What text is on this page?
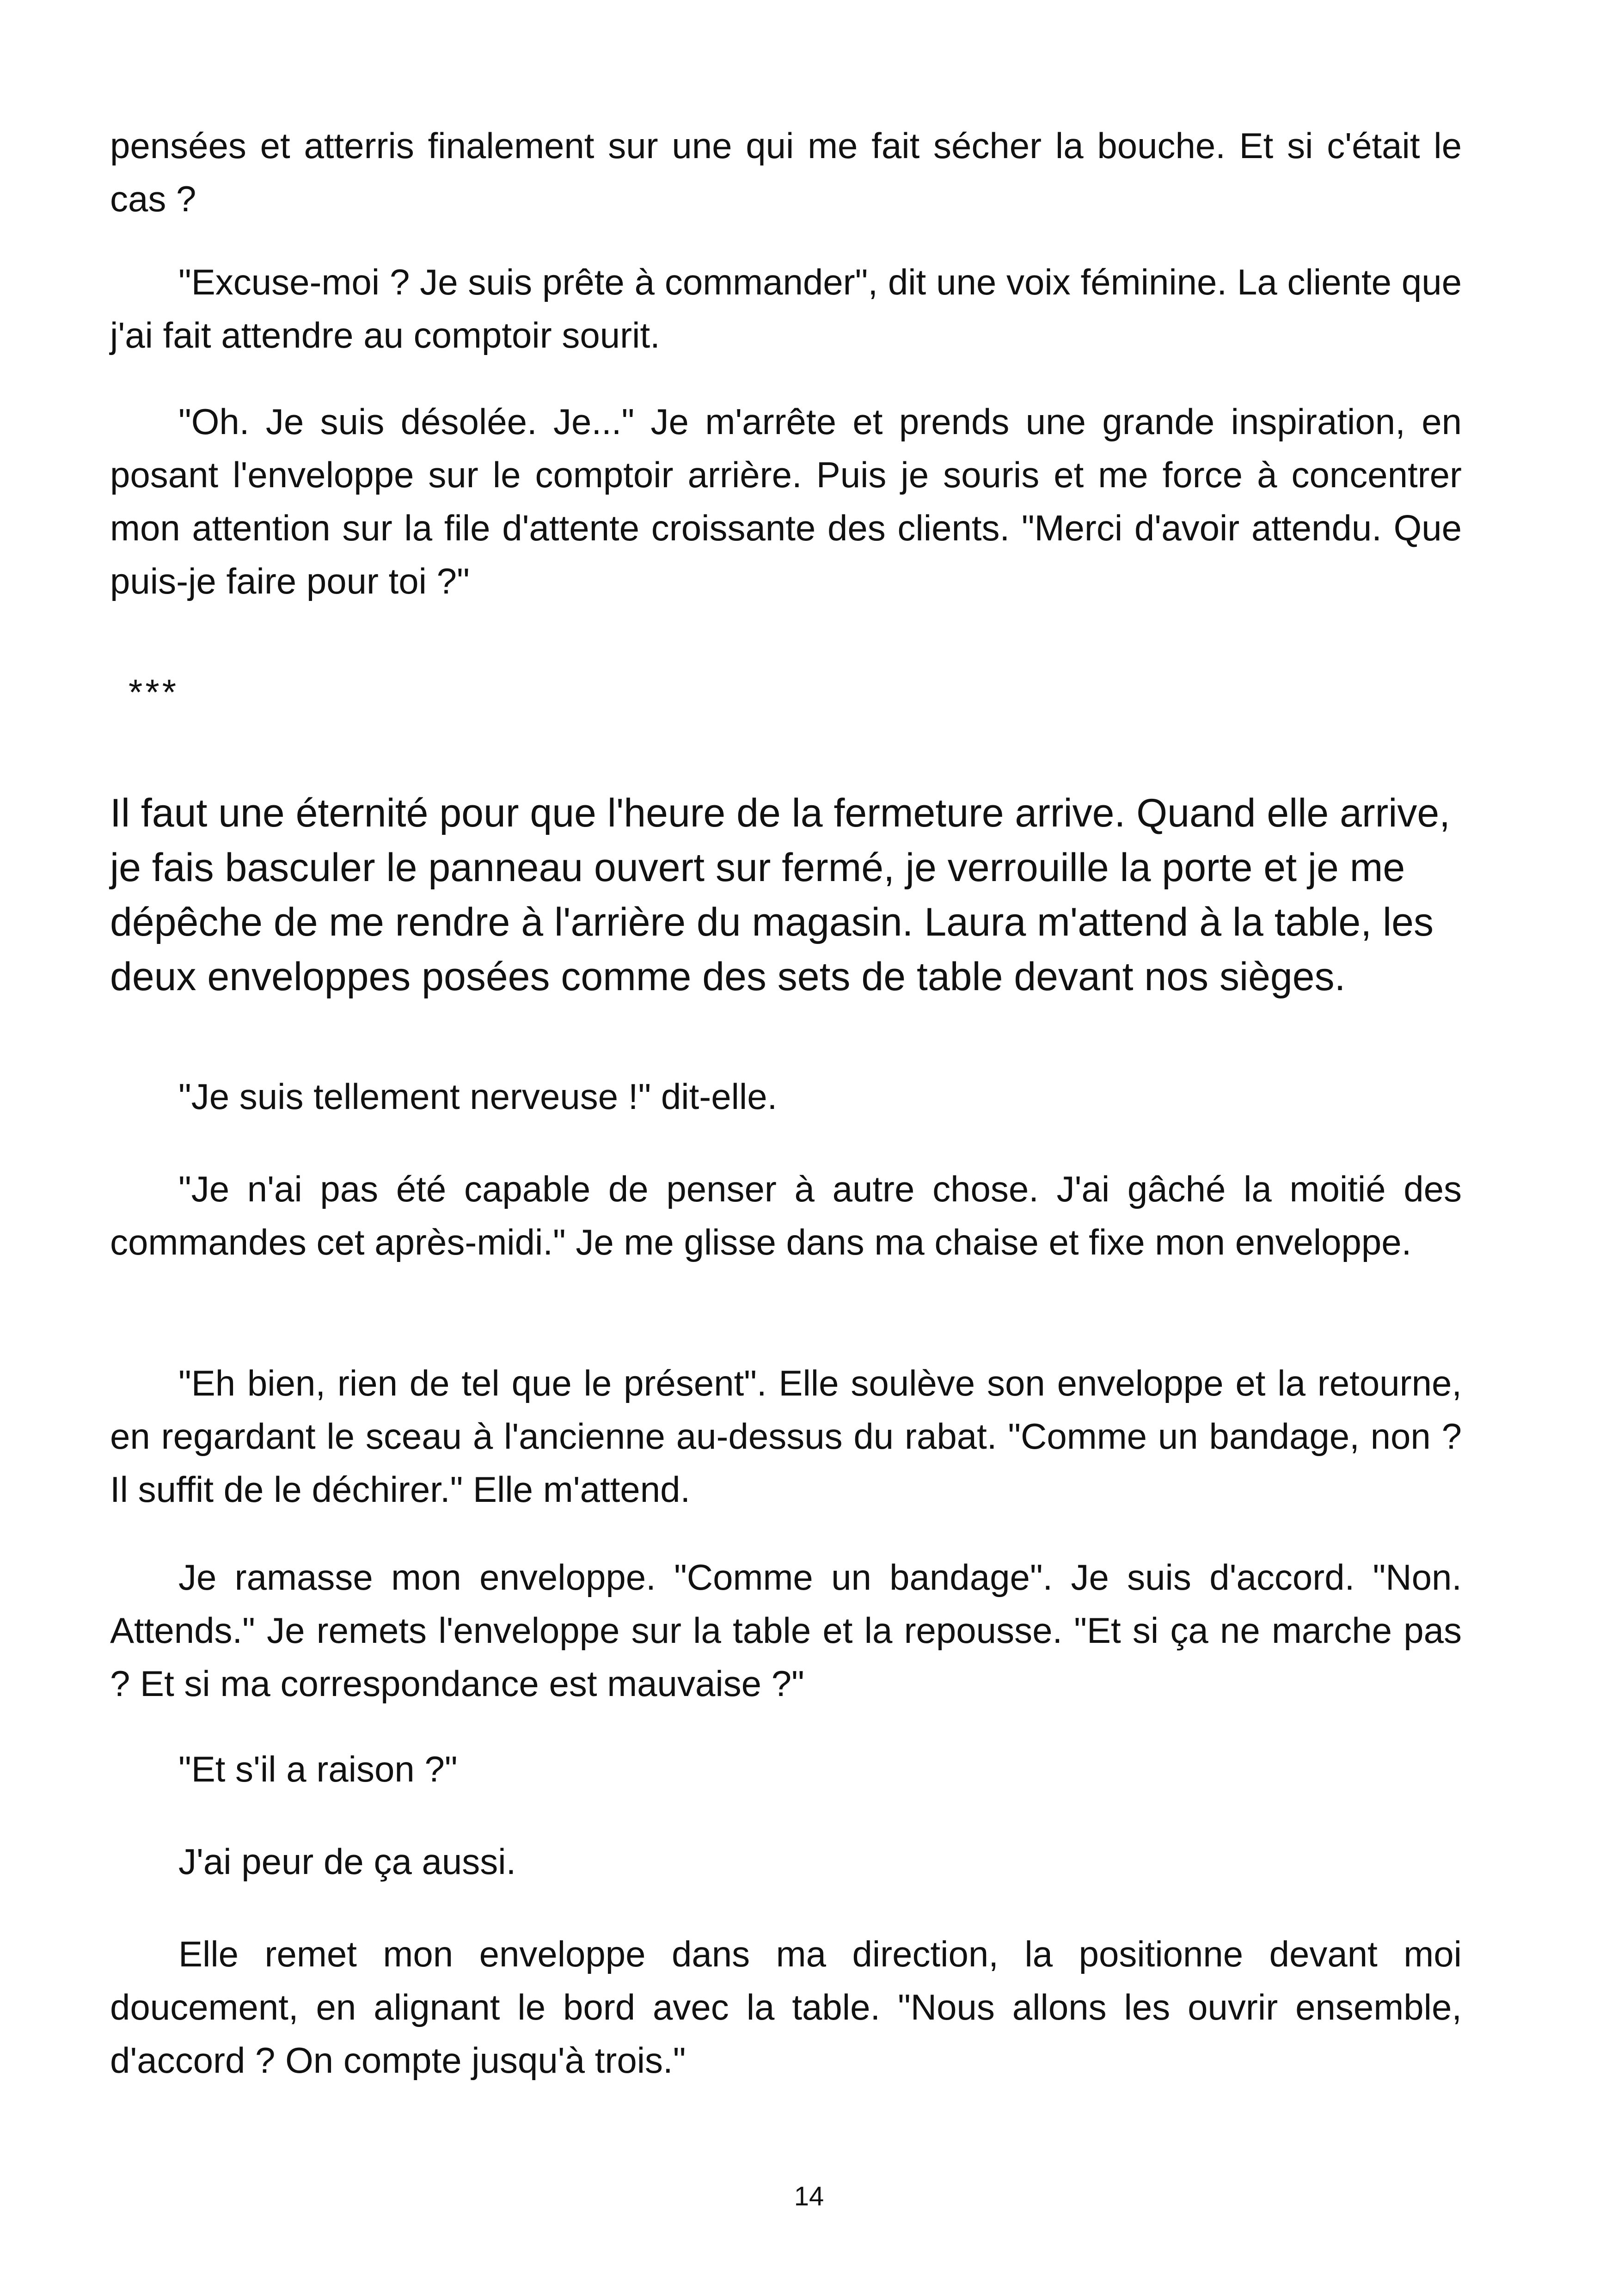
pensées et atterris finalement sur une qui me fait sécher la bouche. Et si c'était le cas ?

"Excuse-moi ? Je suis prête à commander", dit une voix féminine. La cliente que j'ai fait attendre au comptoir sourit.

"Oh. Je suis désolée. Je..." Je m'arrête et prends une grande inspiration, en posant l'enveloppe sur le comptoir arrière. Puis je souris et me force à concentrer mon attention sur la file d'attente croissante des clients. "Merci d'avoir attendu. Que puis-je faire pour toi ?"

***

Il faut une éternité pour que l'heure de la fermeture arrive. Quand elle arrive, je fais basculer le panneau ouvert sur fermé, je verrouille la porte et je me dépêche de me rendre à l'arrière du magasin. Laura m'attend à la table, les deux enveloppes posées comme des sets de table devant nos sièges.

"Je suis tellement nerveuse !" dit-elle.

"Je n'ai pas été capable de penser à autre chose. J'ai gâché la moitié des commandes cet après-midi." Je me glisse dans ma chaise et fixe mon enveloppe.

"Eh bien, rien de tel que le présent". Elle soulève son enveloppe et la retourne, en regardant le sceau à l'ancienne au-dessus du rabat. "Comme un bandage, non ? Il suffit de le déchirer." Elle m'attend.

Je ramasse mon enveloppe. "Comme un bandage". Je suis d'accord. "Non. Attends." Je remets l'enveloppe sur la table et la repousse. "Et si ça ne marche pas ? Et si ma correspondance est mauvaise ?"

"Et s'il a raison ?"

J'ai peur de ça aussi.

Elle remet mon enveloppe dans ma direction, la positionne devant moi doucement, en alignant le bord avec la table. "Nous allons les ouvrir ensemble, d'accord ? On compte jusqu'à trois."

14
